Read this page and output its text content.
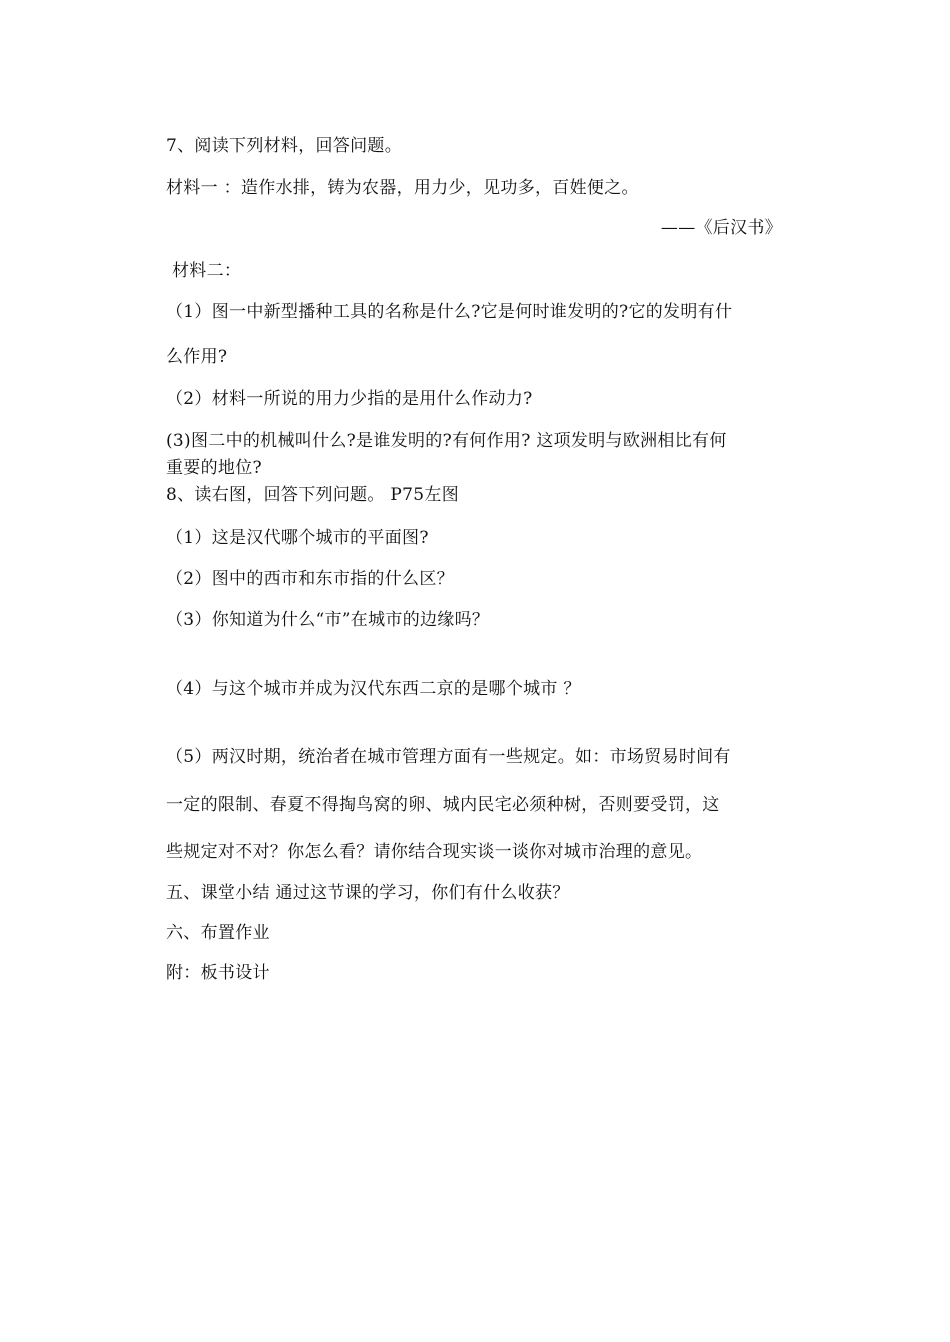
7、阅读下列材料，回答问题。
材料一 ：造作水排，铸为农器，用力少，见功多，百姓便之。
——《后汉书》
材料二：
（1）图一中新型播种工具的名称是什么?它是何时谁发明的?它的发明有什
么作用?
（2）材料一所说的用力少指的是用什么作动力?
(3)图二中的机械叫什么?是谁发明的?有何作用? 这项发明与欧洲相比有何
重要的地位?
8、读右图，回答下列问题。 P75左图
（1）这是汉代哪个城市的平面图?
（2）图中的西市和东市指的什么区？
（3）你知道为什么“市”在城市的边缘吗？
（4）与这个城市并成为汉代东西二京的是哪个城市 ？
（5）两汉时期，统治者在城市管理方面有一些规定。如：市场贸易时间有
一定的限制、春夏不得掏鸟窝的卵、城内民宅必须种树，否则要受罚，这
些规定对不对？你怎么看？请你结合现实谈一谈你对城市治理的意见。
五、课堂小结 通过这节课的学习，你们有什么收获？
六、布置作业
附：板书设计
